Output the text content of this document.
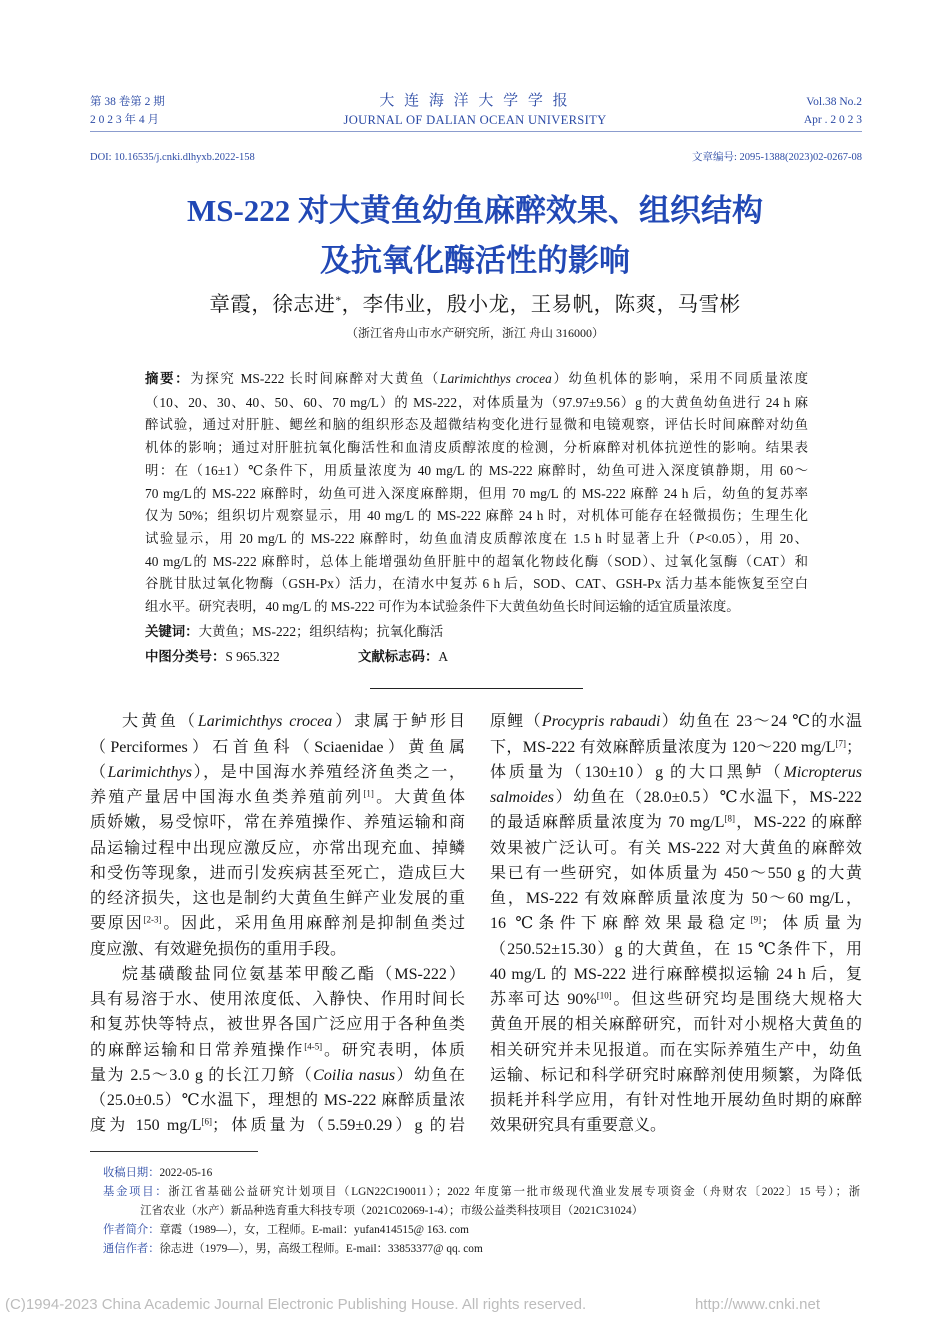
第 38 卷第 2 期
2 0 2 3 年 4 月
大 连 海 洋 大 学 学 报
JOURNAL OF DALIAN OCEAN UNIVERSITY
Vol.38 No.2
Apr . 2 0 2 3
DOI: 10.16535/j.cnki.dlhyxb.2022-158	文章编号: 2095-1388(2023)02-0267-08
MS-222 对大黄鱼幼鱼麻醉效果、组织结构
及抗氧化酶活性的影响
章霞，徐志进*，李伟业，殷小龙，王易帆，陈爽，马雪彬
（浙江省舟山市水产研究所，浙江 舟山 316000）
摘要：为探究 MS-222 长时间麻醉对大黄鱼（Larimichthys crocea）幼鱼机体的影响，采用不同质量浓度
（10、20、30、40、50、60、70 mg/L）的 MS-222，对体质量为（97.97±9.56）g 的大黄鱼幼鱼进行 24 h 麻
醉试验，通过对肝脏、鳃丝和脑的组织形态及超微结构变化进行显微和电镜观察，评估长时间麻醉对幼鱼
机体的影响；通过对肝脏抗氧化酶活性和血清皮质醇浓度的检测，分析麻醉对机体抗逆性的影响。结果表
明：在（16±1）℃条件下，用质量浓度为 40 mg/L 的 MS-222 麻醉时，幼鱼可进入深度镇静期，用 60～
70 mg/L的 MS-222 麻醉时，幼鱼可进入深度麻醉期，但用 70 mg/L 的 MS-222 麻醉 24 h 后，幼鱼的复苏率
仅为 50%；组织切片观察显示，用 40 mg/L 的 MS-222 麻醉 24 h 时，对机体可能存在轻微损伤；生理生化
试验显示，用 20 mg/L 的 MS-222 麻醉时，幼鱼血清皮质醇浓度在 1.5 h 时显著上升（P<0.05），用 20、
40 mg/L的 MS-222 麻醉时，总体上能增强幼鱼肝脏中的超氧化物歧化酶（SOD）、过氧化氢酶（CAT）和
谷胱甘肽过氧化物酶（GSH-Px）活力，在清水中复苏 6 h 后，SOD、CAT、GSH-Px 活力基本能恢复至空白
组水平。研究表明，40 mg/L 的 MS-222 可作为本试验条件下大黄鱼幼鱼长时间运输的适宜质量浓度。
关键词：大黄鱼；MS-222；组织结构；抗氧化酶活
中图分类号：S 965.322	文献标志码：A
大黄鱼（Larimichthys crocea）隶属于鲈形目
（Perciformes）石首鱼科（Sciaenidae）黄鱼属
（Larimichthys），是中国海水养殖经济鱼类之一，
养殖产量居中国海水鱼类养殖前列[1]。大黄鱼体
质娇嫩，易受惊吓，常在养殖操作、养殖运输和商
品运输过程中出现应激反应，亦常出现充血、掉鳞
和受伤等现象，进而引发疾病甚至死亡，造成巨大
的经济损失，这也是制约大黄鱼生鲜产业发展的重
要原因[2-3]。因此，采用鱼用麻醉剂是抑制鱼类过
度应激、有效避免损伤的重用手段。
烷基磺酸盐同位氨基苯甲酸乙酯（MS-222）
具有易溶于水、使用浓度低、入静快、作用时间长
和复苏快等特点，被世界各国广泛应用于各种鱼类
的麻醉运输和日常养殖操作[4-5]。研究表明，体质
量为 2.5～3.0 g 的长江刀鲚（Coilia nasus）幼鱼在
（25.0±0.5）℃水温下，理想的 MS-222 麻醉质量浓
度为 150 mg/L[6]；体质量为（5.59±0.29）g 的岩
原鲤（Procypris rabaudi）幼鱼在 23～24 ℃的水温
下，MS-222 有效麻醉质量浓度为 120～220 mg/L[7]；
体质量为（130±10）g 的大口黑鲈（Micropterus
salmoides）幼鱼在（28.0±0.5）℃水温下，MS-222
的最适麻醉质量浓度为 70 mg/L[8]，MS-222 的麻醉
效果被广泛认可。有关 MS-222 对大黄鱼的麻醉效
果已有一些研究，如体质量为 450～550 g 的大黄
鱼，MS-222 有效麻醉质量浓度为 50～60 mg/L，
16 ℃条件下麻醉效果最稳定[9]；体质量为
（250.52±15.30）g 的大黄鱼，在 15 ℃条件下，用
40 mg/L 的 MS-222 进行麻醉模拟运输 24 h 后，复
苏率可达 90%[10]。但这些研究均是围绕大规格大
黄鱼开展的相关麻醉研究，而针对小规格大黄鱼的
相关研究并未见报道。而在实际养殖生产中，幼鱼
运输、标记和科学研究时麻醉剂使用频繁，为降低
损耗并科学应用，有针对性地开展幼鱼时期的麻醉
效果研究具有重要意义。
收稿日期：2022-05-16
基金项目：浙江省基础公益研究计划项目（LGN22C190011）；2022 年度第一批市级现代渔业发展专项资金（舟财农〔2022〕15 号）；浙
江省农业（水产）新品种选育重大科技专项（2021C02069-1-4）；市级公益类科技项目（2021C31024）
作者简介：章霞（1989—），女，工程师。E-mail：yufan414515@ 163. com
通信作者：徐志进（1979—），男，高级工程师。E-mail：33853377@ qq. com
(C)1994-2023 China Academic Journal Electronic Publishing House. All rights reserved.	http://www.cnki.net
